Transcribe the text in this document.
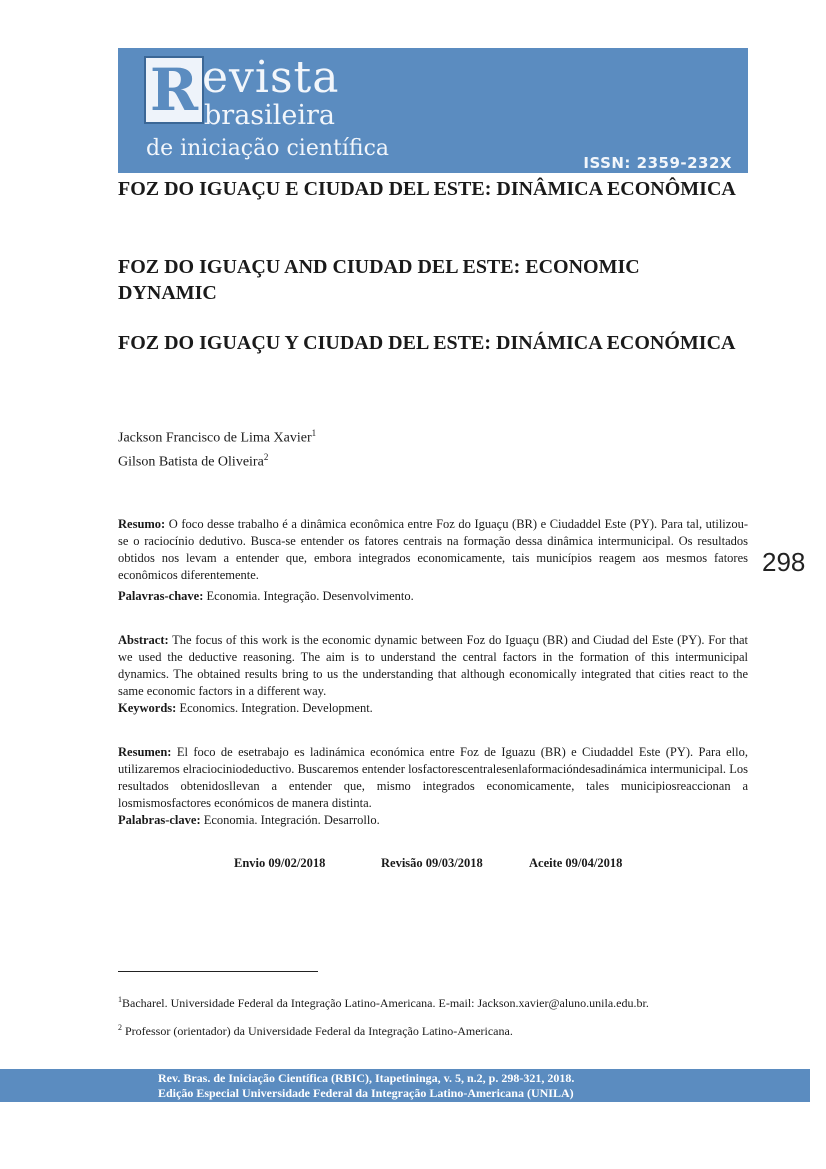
R evista
brasileira
de iniciação científica
ISSN: 2359-232X
FOZ DO IGUAÇU E CIUDAD DEL ESTE: DINÂMICA ECONÔMICA
FOZ DO IGUAÇU AND CIUDAD DEL ESTE: ECONOMIC DYNAMIC
FOZ DO IGUAÇU Y CIUDAD DEL ESTE: DINÁMICA ECONÓMICA
Jackson Francisco de Lima Xavier$^1$
Gilson Batista de Oliveira$^2$
298

Resumo: O foco desse trabalho é a dinâmica econômica entre Foz do Iguaçu (BR) e Ciudaddel Este (PY). Para tal, utilizou-se o raciocínio dedutivo. Busca-se entender os fatores centrais na formação dessa dinâmica intermunicipal. Os resultados obtidos nos levam a entender que, embora integrados economicamente, tais municípios reagem aos mesmos fatores econômicos diferentemente.

Palavras-chave: Economia. Integração. Desenvolvimento.

Abstract: The focus of this work is the economic dynamic between Foz do Iguaçu (BR) and Ciudad del Este (PY). For that we used the deductive reasoning. The aim is to understand the central factors in the formation of this intermunicipal dynamics. The obtained results bring to us the understanding that although economically integrated that cities react to the same economic factors in a different way.

Keywords: Economics. Integration. Development.

Resumen: El foco de esetrabajo es ladinámica económica entre Foz de Iguazu (BR) e Ciudaddel Este (PY). Para ello, utilizaremos elraciociniodeductivo. Buscaremos entender losfactorescentralesenlaformacióndesadinámica intermunicipal. Los resultados obtenidosllevan a entender que, mismo integrados economicamente, tales municipiosreaccionan a losmismosfactores económicos de manera distinta.

Palabras-clave: Economia. Integración. Desarrollo.

Envio 09/02/2018	Revisão 09/03/2018	Aceite 09/04/2018
$^1$Bacharel. Universidade Federal da Integração Latino-Americana. E-mail: Jackson.xavier@aluno.unila.edu.br.
$^2$ Professor (orientador) da Universidade Federal da Integração Latino-Americana.
Rev. Bras. de Iniciação Científica (RBIC), Itapetininga, v. 5, n.2, p. 298-321, 2018.
Edição Especial Universidade Federal da Integração Latino-Americana (UNILA)
